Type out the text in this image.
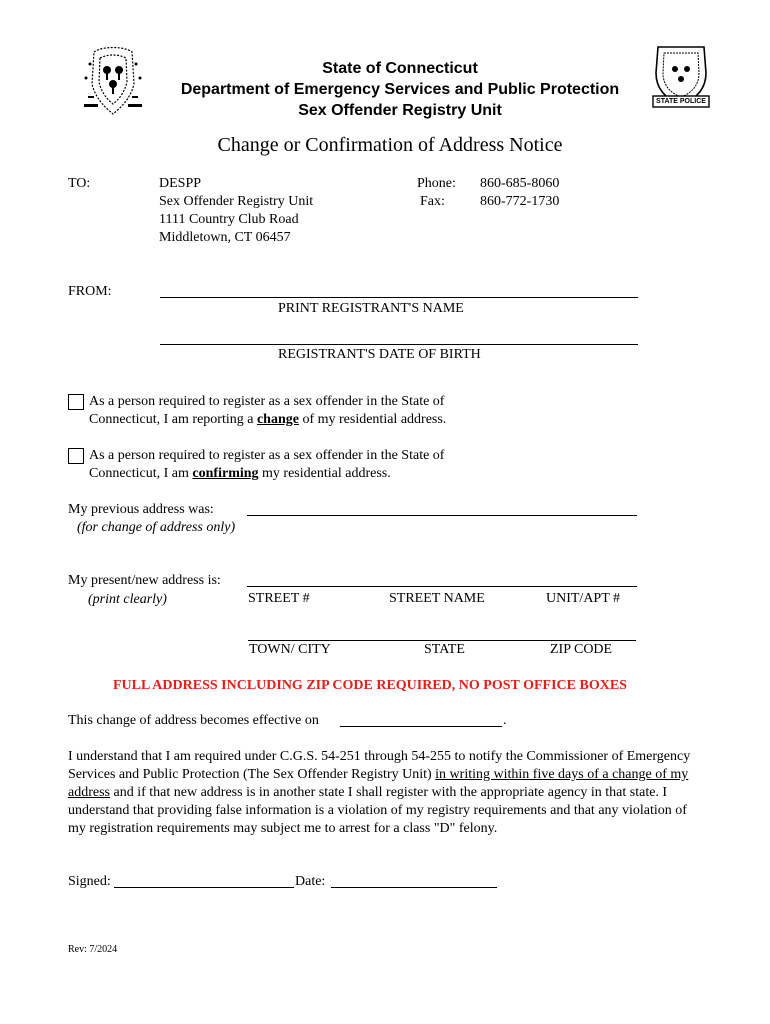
STATE POLICE
State of Connecticut
Department of Emergency Services and Public Protection
Sex Offender Registry Unit
Change or Confirmation of Address Notice
TO:	DESPP
Sex Offender Registry Unit
1111 Country Club Road
Middletown, CT 06457
Phone: 860-685-8060
Fax:	860-772-1730
FROM:
PRINT REGISTRANT'S NAME
REGISTRANT'S DATE OF BIRTH
As a person required to register as a sex offender in the State of
Connecticut, I am reporting a change of my residential address.
As a person required to register as a sex offender in the State of
Connecticut, I am confirming my residential address.
My previous address was:
(for change of address only)
My present/new address is:
(print clearly)	STREET #	STREET NAME	UNIT/APT #
TOWN/ CITY	STATE	ZIP CODE
FULL ADDRESS INCLUDING ZIP CODE REQUIRED, NO POST OFFICE BOXES
This change of address becomes effective on	.
I understand that I am required under C.G.S. 54-251 through 54-255 to notify the Commissioner of Emergency Services and Public Protection (The Sex Offender Registry Unit) in writing within five days of a change of my address and if that new address is in another state I shall register with the appropriate agency in that state. I understand that providing false information is a violation of my registry requirements and that any violation of my registration requirements may subject me to arrest for a class "D" felony.
Signed:	Date:
Rev: 7/2024
